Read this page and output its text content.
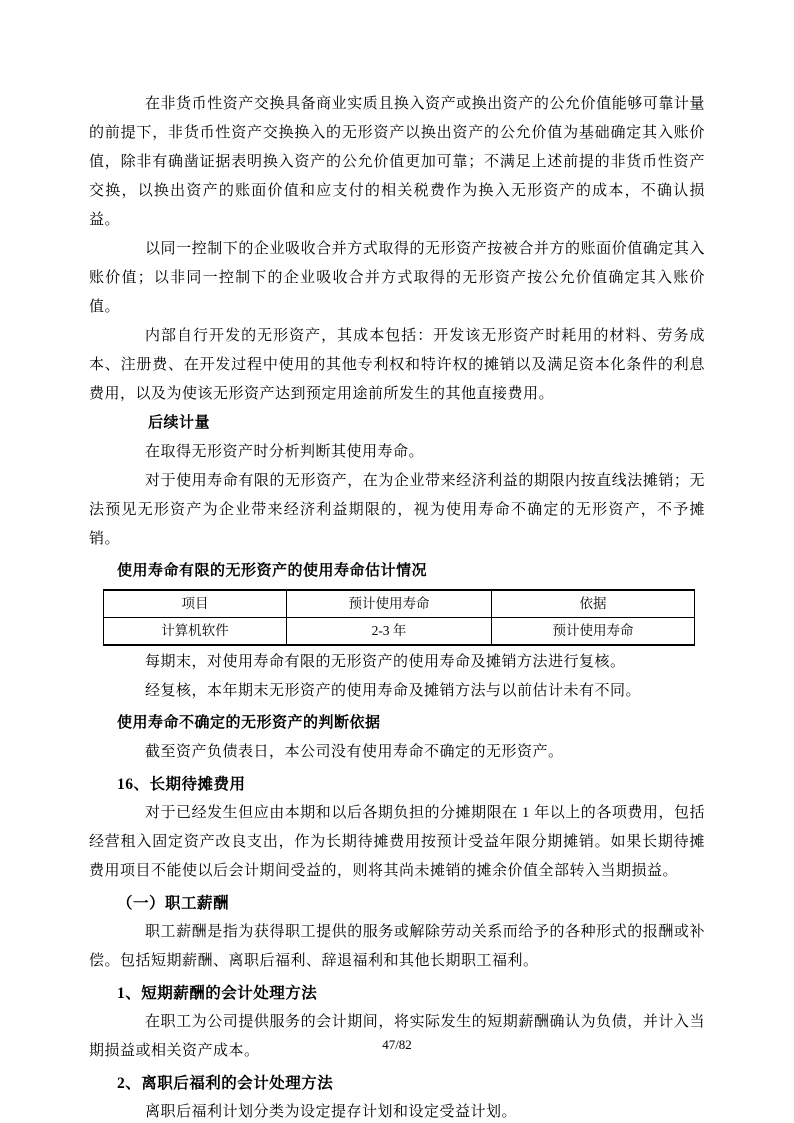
在非货币性资产交换具备商业实质且换入资产或换出资产的公允价值能够可靠计量的前提下，非货币性资产交换换入的无形资产以换出资产的公允价值为基础确定其入账价值，除非有确凿证据表明换入资产的公允价值更加可靠；不满足上述前提的非货币性资产交换，以换出资产的账面价值和应支付的相关税费作为换入无形资产的成本，不确认损益。

以同一控制下的企业吸收合并方式取得的无形资产按被合并方的账面价值确定其入账价值；以非同一控制下的企业吸收合并方式取得的无形资产按公允价值确定其入账价值。

内部自行开发的无形资产，其成本包括：开发该无形资产时耗用的材料、劳务成本、注册费、在开发过程中使用的其他专利权和特许权的摊销以及满足资本化条件的利息费用，以及为使该无形资产达到预定用途前所发生的其他直接费用。

后续计量

在取得无形资产时分析判断其使用寿命。

对于使用寿命有限的无形资产，在为企业带来经济利益的期限内按直线法摊销；无法预见无形资产为企业带来经济利益期限的，视为使用寿命不确定的无形资产，不予摊销。

使用寿命有限的无形资产的使用寿命估计情况

项目	预计使用寿命	依据
计算机软件	2-3 年	预计使用寿命

每期末，对使用寿命有限的无形资产的使用寿命及摊销方法进行复核。

经复核，本年期末无形资产的使用寿命及摊销方法与以前估计未有不同。

使用寿命不确定的无形资产的判断依据

截至资产负债表日，本公司没有使用寿命不确定的无形资产。

16、长期待摊费用

对于已经发生但应由本期和以后各期负担的分摊期限在 1 年以上的各项费用，包括经营租入固定资产改良支出，作为长期待摊费用按预计受益年限分期摊销。如果长期待摊费用项目不能使以后会计期间受益的，则将其尚未摊销的摊余价值全部转入当期损益。

（一）职工薪酬

职工薪酬是指为获得职工提供的服务或解除劳动关系而给予的各种形式的报酬或补偿。包括短期薪酬、离职后福利、辞退福利和其他长期职工福利。

1、短期薪酬的会计处理方法

在职工为公司提供服务的会计期间，将实际发生的短期薪酬确认为负债，并计入当期损益或相关资产成本。

2、离职后福利的会计处理方法

离职后福利计划分类为设定提存计划和设定受益计划。

47/82
